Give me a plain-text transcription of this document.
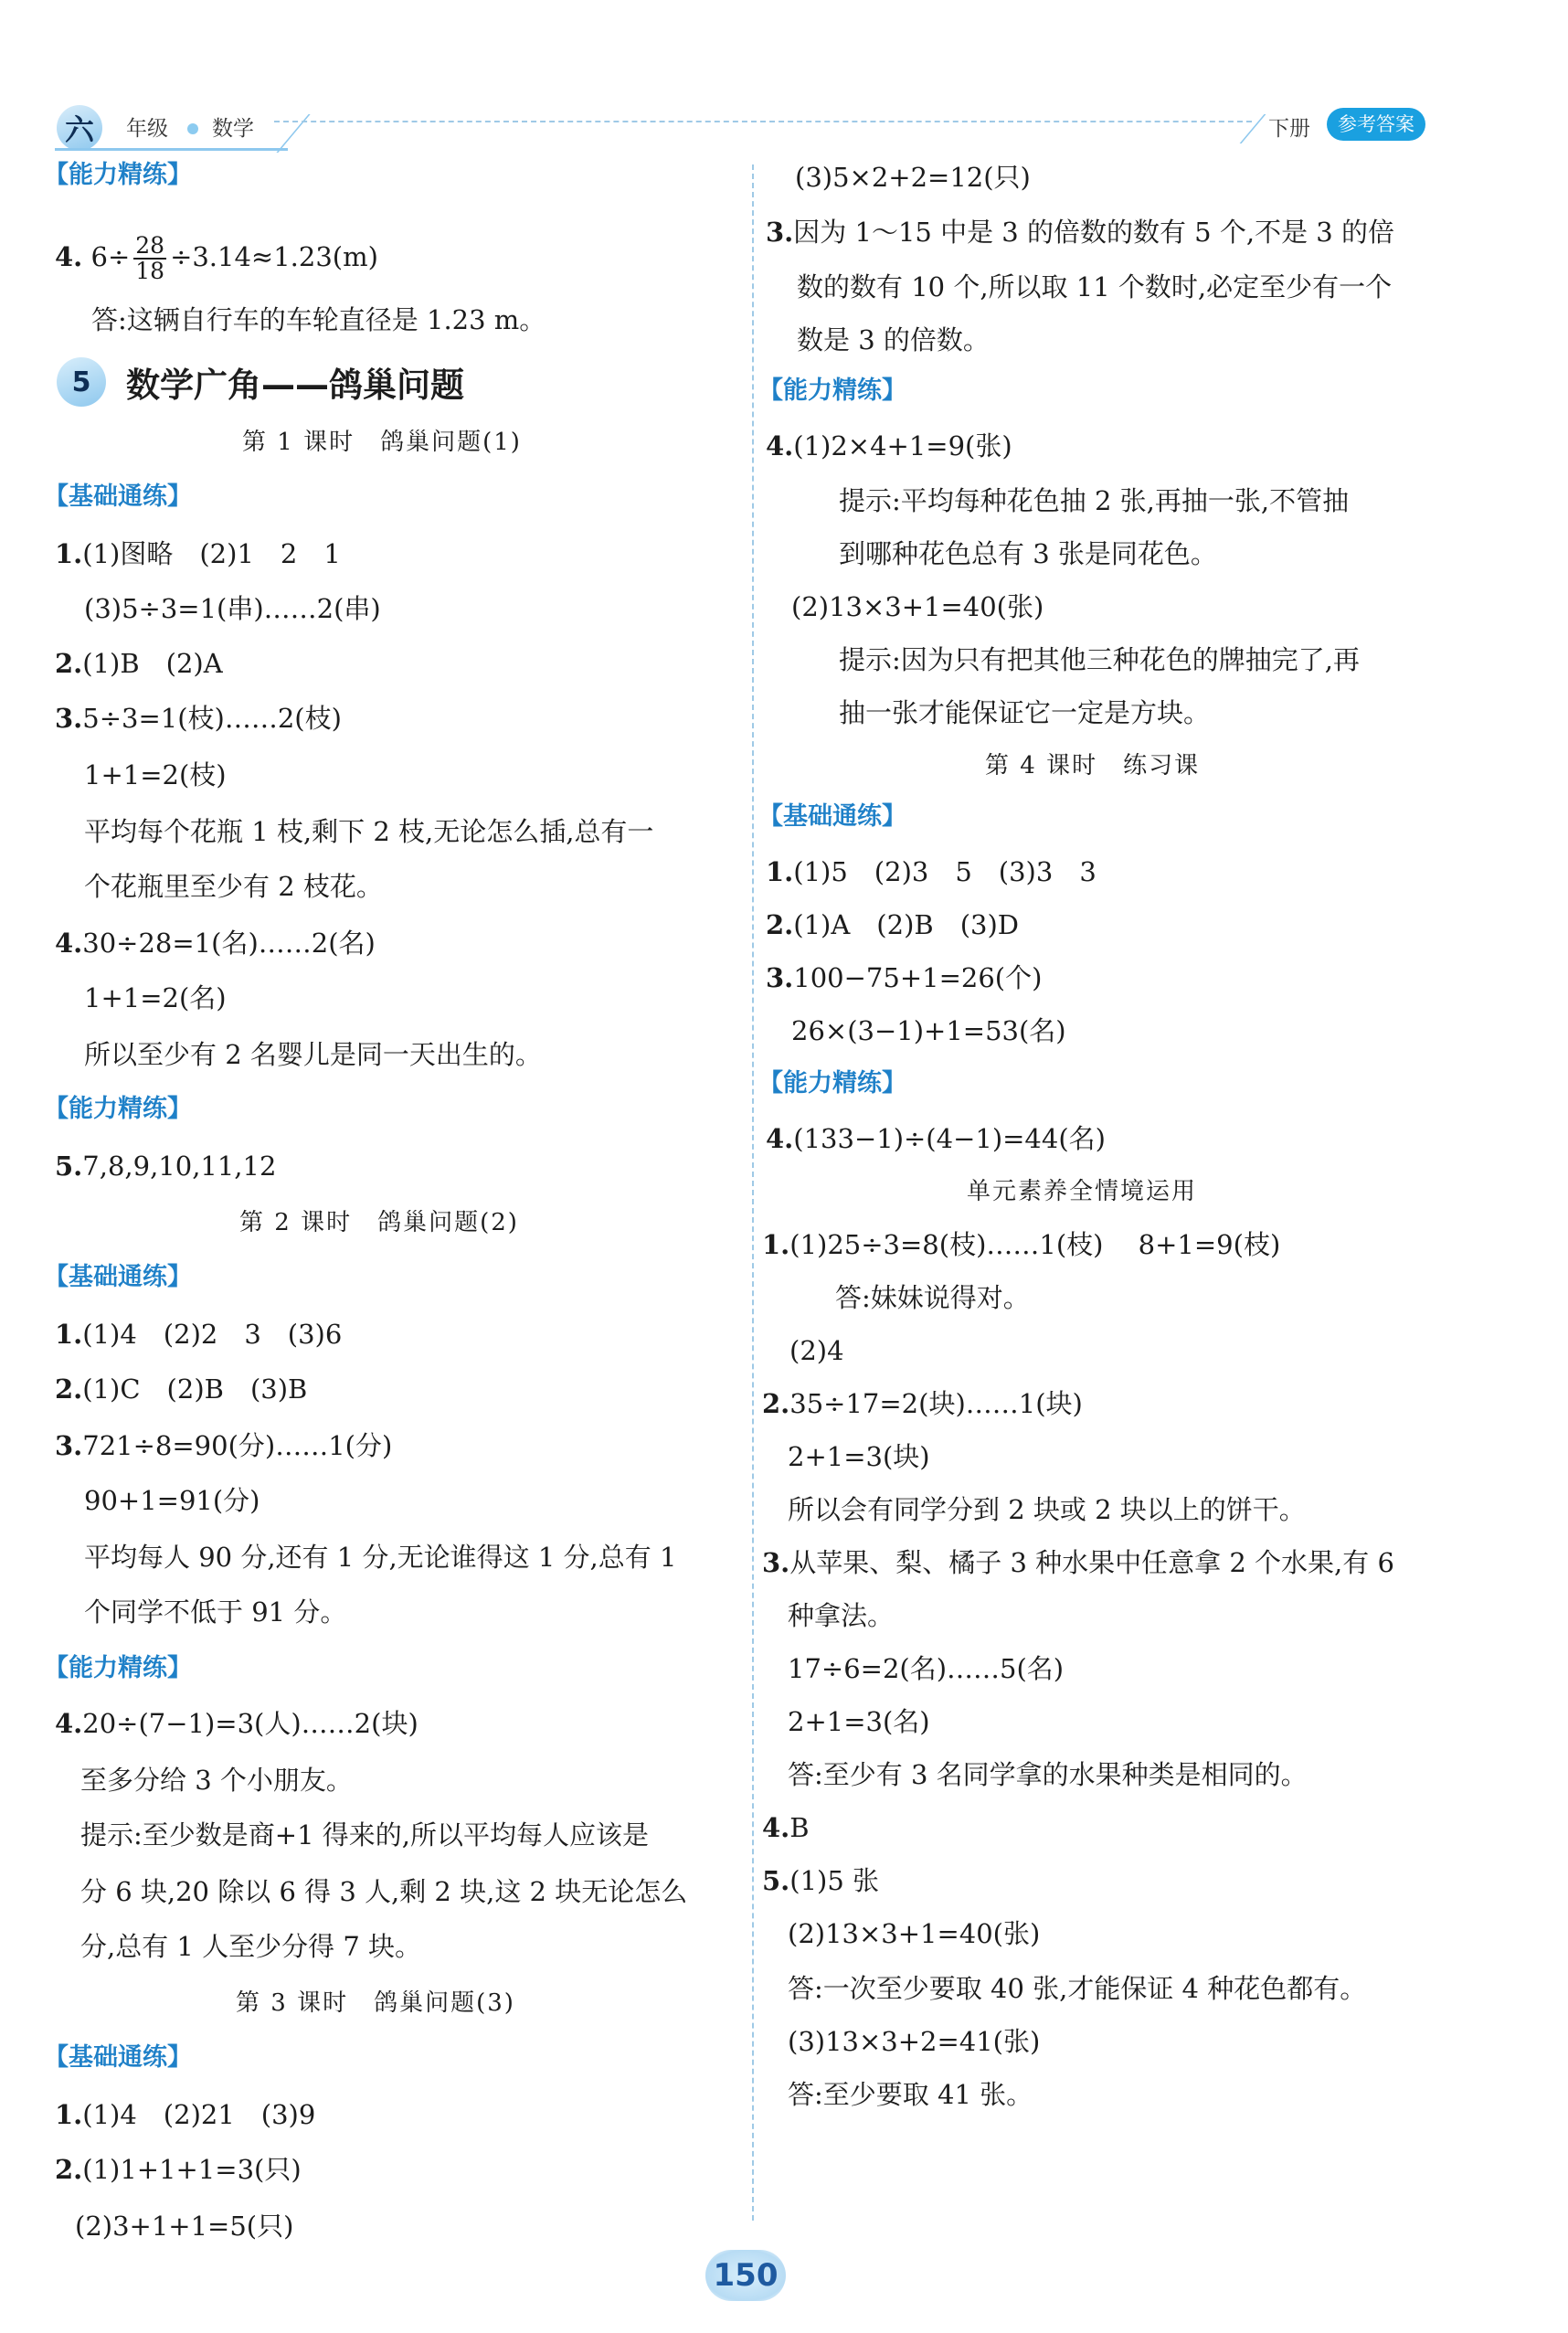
六	年级 数学	下册	参考答案
【能力精练】
4. $6\div \frac{28}{18} \div 3.14\approx 1.23(m)$
答:这辆自行车的车轮直径是 1.23 m。
5	数学广角——鸽巢问题
第 1 课时　鸽巢问题(1)
【基础通练】
1.(1)图略　(2)1　2　1
(3)5÷3=1(串)……2(串)
2.(1)B　(2)A
3.5÷3=1(枝)……2(枝)
1+1=2(枝)
平均每个花瓶 1 枝,剩下 2 枝,无论怎么插,总有一
个花瓶里至少有 2 枝花。
4.30÷28=1(名)……2(名)
1+1=2(名)
所以至少有 2 名婴儿是同一天出生的。
【能力精练】
5.7,8,9,10,11,12
第 2 课时　鸽巢问题(2)
【基础通练】
1.(1)4　(2)2　3　(3)6
2.(1)C　(2)B　(3)B
3.721÷8=90(分)……1(分)
90+1=91(分)
平均每人 90 分,还有 1 分,无论谁得这 1 分,总有 1
个同学不低于 91 分。
【能力精练】
4.20÷(7−1)=3(人)……2(块)
至多分给 3 个小朋友。
提示:至少数是商+1 得来的,所以平均每人应该是
分 6 块,20 除以 6 得 3 人,剩 2 块,这 2 块无论怎么
分,总有 1 人至少分得 7 块。
第 3 课时　鸽巢问题(3)
【基础通练】
1.(1)4　(2)21　(3)9
2.(1)1+1+1=3(只)
(2)3+1+1=5(只)
(3)5×2+2=12(只)
3.因为 1～15 中是 3 的倍数的数有 5 个,不是 3 的倍
数的数有 10 个,所以取 11 个数时,必定至少有一个
数是 3 的倍数。
【能力精练】
4.(1)2×4+1=9(张)
提示:平均每种花色抽 2 张,再抽一张,不管抽
到哪种花色总有 3 张是同花色。
(2)13×3+1=40(张)
提示:因为只有把其他三种花色的牌抽完了,再
抽一张才能保证它一定是方块。
第 4 课时　练习课
【基础通练】
1.(1)5　(2)3　5　(3)3　3
2.(1)A　(2)B　(3)D
3.100−75+1=26(个)
26×(3−1)+1=53(名)
【能力精练】
4.(133−1)÷(4−1)=44(名)
单元素养全情境运用
1.(1)25÷3=8(枝)……1(枝)　 8+1=9(枝)
答:妹妹说得对。
(2)4
2.35÷17=2(块)……1(块)
2+1=3(块)
所以会有同学分到 2 块或 2 块以上的饼干。
3.从苹果、梨、橘子 3 种水果中任意拿 2 个水果,有 6
种拿法。
17÷6=2(名)……5(名)
2+1=3(名)
答:至少有 3 名同学拿的水果种类是相同的。
4.B
5.(1)5 张
(2)13×3+1=40(张)
答:一次至少要取 40 张,才能保证 4 种花色都有。
(3)13×3+2=41(张)
答:至少要取 41 张。
150
